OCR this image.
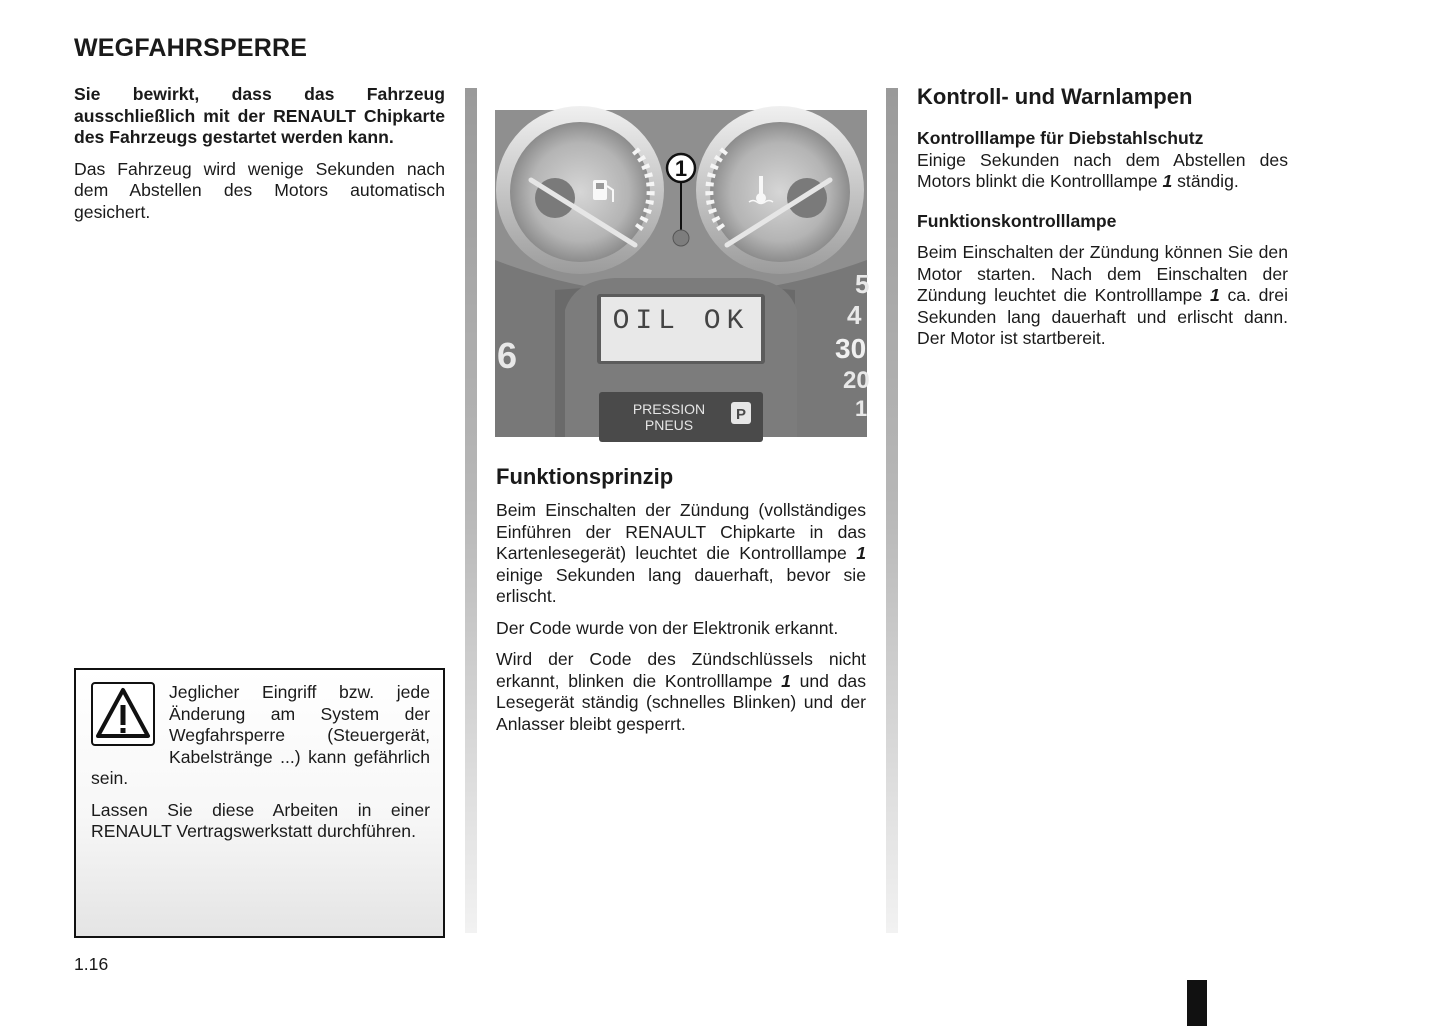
WEGFAHRSPERRE

Sie bewirkt, dass das Fahrzeug ausschließlich mit der RENAULT Chipkarte des Fahrzeugs gestartet werden kann.

Das Fahrzeug wird wenige Sekunden nach dem Abstellen des Motors automatisch gesichert.

Jeglicher Eingriff bzw. jede Änderung am System der Wegfahrsperre (Steuergerät, Kabelstränge ...) kann gefährlich sein.

Lassen Sie diese Arbeiten in einer RENAULT Vertragswerkstatt durchführen.

1
OIL OK
PRESSION
PNEUS
P
6
5
4
30
20
1
Funktionsprinzip

Beim Einschalten der Zündung (vollständiges Einführen der RENAULT Chipkarte in das Kartenlesegerät) leuchtet die Kontrolllampe 1 einige Sekunden lang dauerhaft, bevor sie erlischt.

Der Code wurde von der Elektronik erkannt.

Wird der Code des Zündschlüssels nicht erkannt, blinken die Kontrolllampe 1 und das Lesegerät ständig (schnelles Blinken) und der Anlasser bleibt gesperrt.

Kontroll- und Warnlampen
Kontrolllampe für Diebstahlschutz

Einige Sekunden nach dem Abstellen des Motors blinkt die Kontrolllampe 1 ständig.

Funktionskontrolllampe

Beim Einschalten der Zündung können Sie den Motor starten. Nach dem Einschalten der Zündung leuchtet die Kontrolllampe 1 ca. drei Sekunden lang dauerhaft und erlischt dann. Der Motor ist startbereit.

1.16
